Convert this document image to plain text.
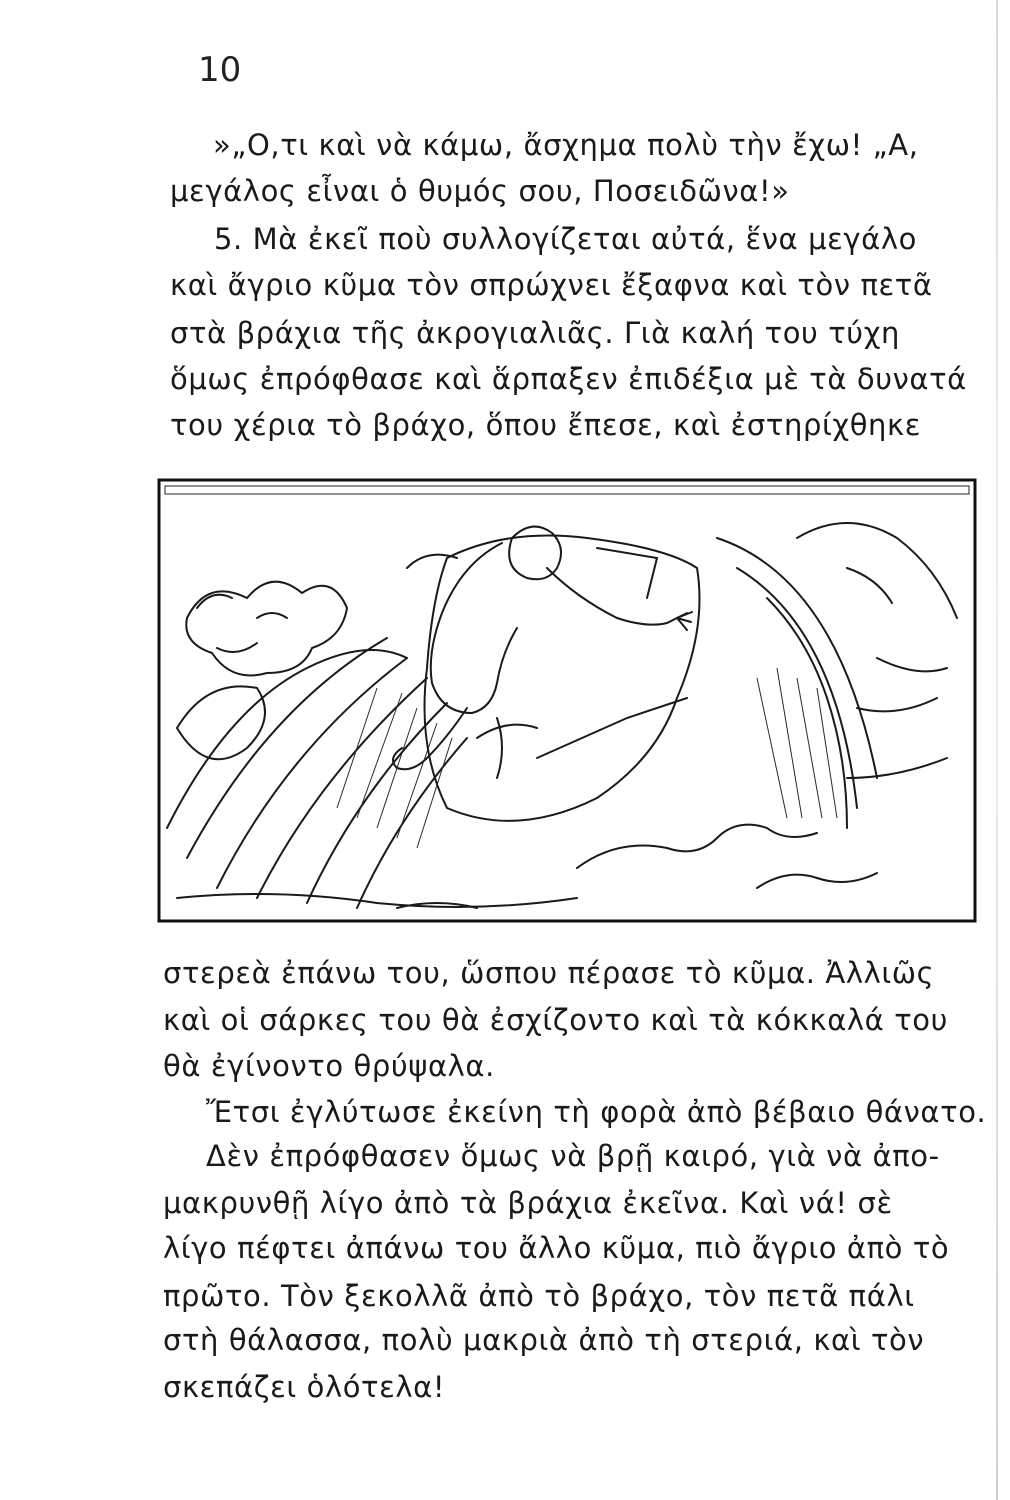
10
»„Ο,τι καὶ νὰ κάμω, ἄσχημα πολὺ τὴν ἔχω! „Α,
μεγάλος εἶναι ὁ θυμός σου, Ποσειδῶνα!»
5. Μὰ ἐκεῖ ποὺ συλλογίζεται αὐτά, ἕνα μεγάλο
καὶ ἄγριο κῦμα τὸν σπρώχνει ἔξαφνα καὶ τὸν πετᾶ
στὰ βράχια τῆς ἀκρογιαλιᾶς. Γιὰ καλή του τύχη
ὅμως ἐπρόφθασε καὶ ἅρπαξεν ἐπιδέξια μὲ τὰ δυνατά
του χέρια τὸ βράχο, ὅπου ἔπεσε, καὶ ἐστηρίχθηκε
στερεὰ ἐπάνω του, ὥσπου πέρασε τὸ κῦμα. Ἀλλιῶς
καὶ οἱ σάρκες του θὰ ἐσχίζοντο καὶ τὰ κόκκαλά του
θὰ ἐγίνοντο θρύψαλα.
Ἔτσι ἐγλύτωσε ἐκείνη τὴ φορὰ ἀπὸ βέβαιο θάνατο.
Δὲν ἐπρόφθασεν ὅμως νὰ βρῇ καιρό, γιὰ νὰ ἀπο-
μακρυνθῇ λίγο ἀπὸ τὰ βράχια ἐκεῖνα. Καὶ νά! σὲ
λίγο πέφτει ἀπάνω του ἄλλο κῦμα, πιὸ ἄγριο ἀπὸ τὸ
πρῶτο. Τὸν ξεκολλᾶ ἀπὸ τὸ βράχο, τὸν πετᾶ πάλι
στὴ θάλασσα, πολὺ μακριὰ ἀπὸ τὴ στεριά, καὶ τὸν
σκεπάζει ὁλότελα!
